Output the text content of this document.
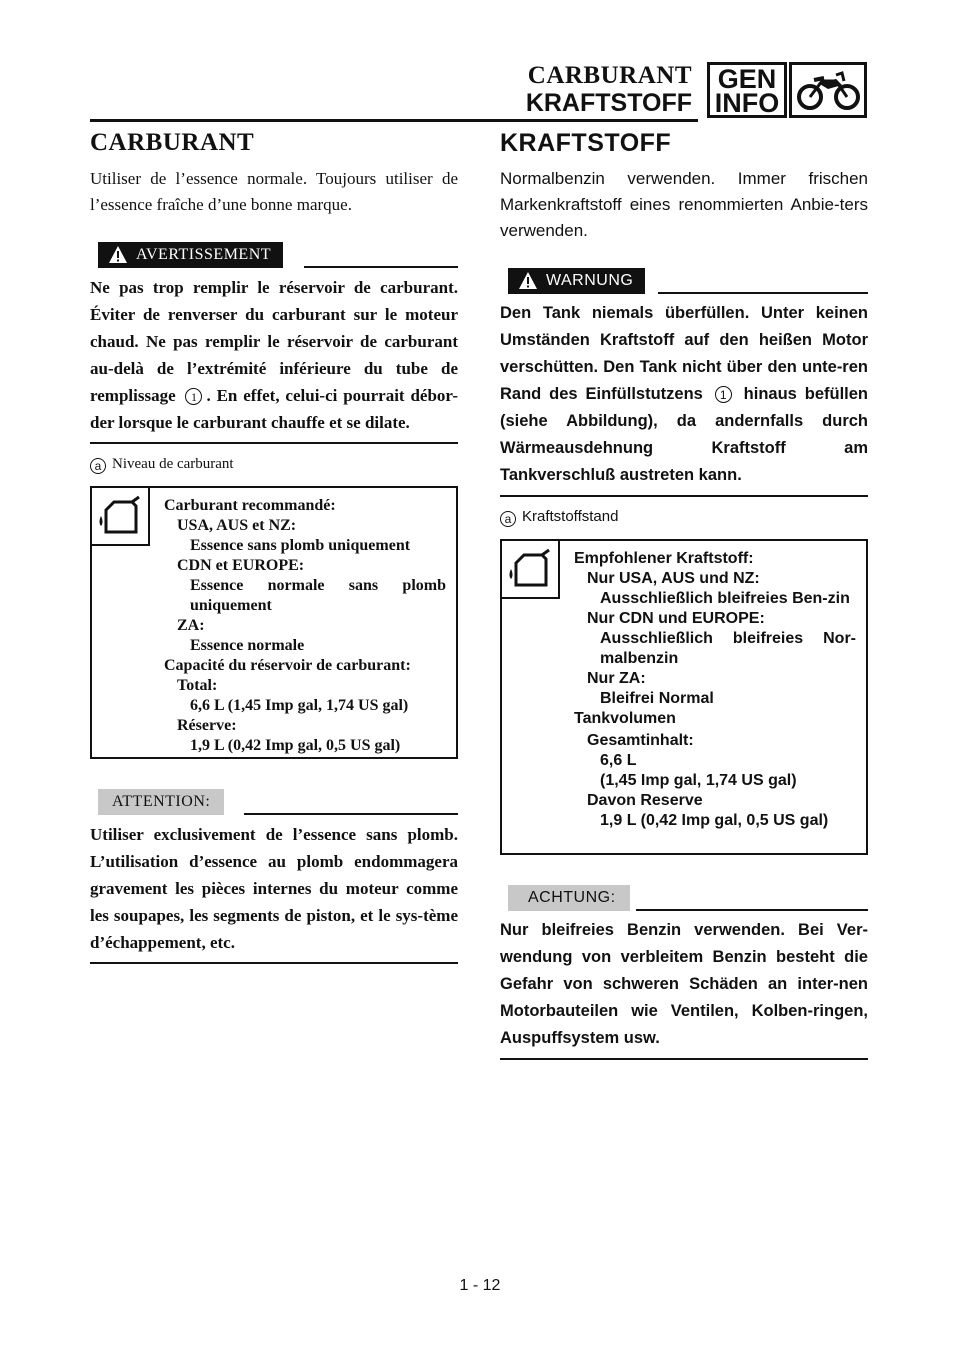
CARBURANT
KRAFTSTOFF
GEN
INFO
CARBURANT

Utiliser de l’essence normale. Toujours utiliser de l’essence fraîche d’une bonne marque.

AVERTISSEMENT

Ne pas trop remplir le réservoir de carburant. Éviter de renverser du carburant sur le moteur chaud. Ne pas remplir le réservoir de carburant au-delà de l’extrémité inférieure du tube de remplissage 1 . En effet, celui-ci pourrait débor-der lorsque le carburant chauffe et se dilate.

a Niveau de carburant

Carburant recommandé:
USA, AUS et NZ:
Essence sans plomb uniquement
CDN et EUROPE:
Essence normale sans plomb uniquement
ZA:
Essence normale
Capacité du réservoir de carburant:
Total:
6,6 L (1,45 Imp gal, 1,74 US gal)
Réserve:
1,9 L (0,42 Imp gal, 0,5 US gal)
ATTENTION:

Utiliser exclusivement de l’essence sans plomb. L’utilisation d’essence au plomb endommagera gravement les pièces internes du moteur comme les soupapes, les segments de piston, et le sys-tème d’échappement, etc.

KRAFTSTOFF

Normalbenzin verwenden. Immer frischen Markenkraftstoff eines renommierten Anbie-ters verwenden.

WARNUNG

Den Tank niemals überfüllen. Unter keinen Umständen Kraftstoff auf den heißen Motor verschütten. Den Tank nicht über den unte-ren Rand des Einfüllstutzens 1 hinaus befüllen (siehe Abbildung), da andernfalls durch Wärmeausdehnung Kraftstoff am Tankverschluß austreten kann.

a Kraftstoffstand

Empfohlener Kraftstoff:
Nur USA, AUS und NZ:
Ausschließlich bleifreies Ben-zin
Nur CDN und EUROPE:
Ausschließlich bleifreies Nor-malbenzin
Nur ZA:
Bleifrei Normal
Tankvolumen
Gesamtinhalt:
6,6 L
(1,45 Imp gal, 1,74 US gal)
Davon Reserve
1,9 L (0,42 Imp gal, 0,5 US gal)
ACHTUNG:

Nur bleifreies Benzin verwenden. Bei Ver-wendung von verbleitem Benzin besteht die Gefahr von schweren Schäden an inter-nen Motorbauteilen wie Ventilen, Kolben-ringen, Auspuffsystem usw.

1 - 12
